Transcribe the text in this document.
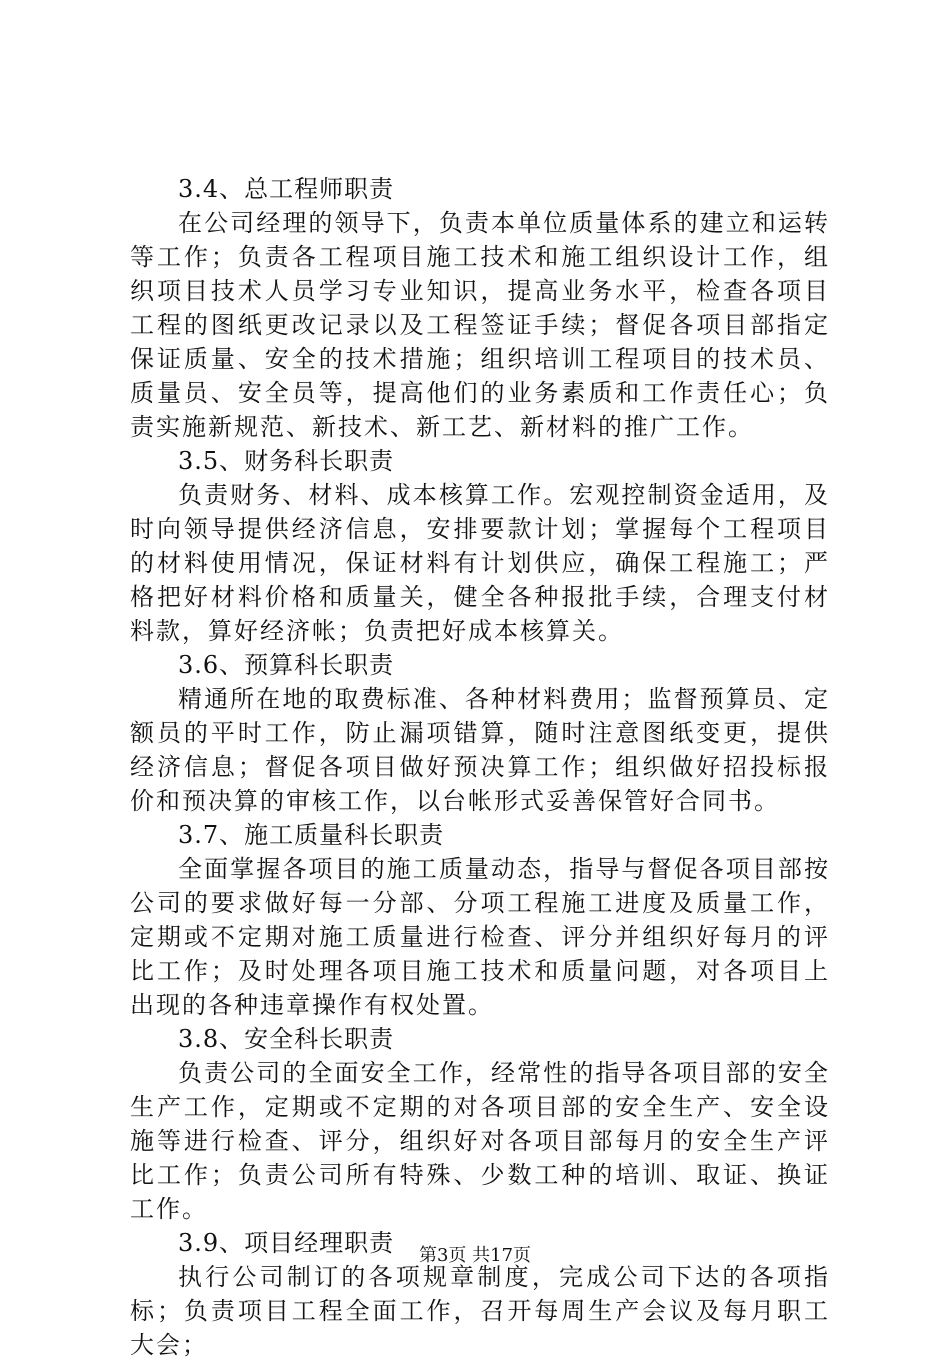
3.4、总工程师职责

在公司经理的领导下，负责本单位质量体系的建立和运转等工作；负责各工程项目施工技术和施工组织设计工作，组织项目技术人员学习专业知识，提高业务水平，检查各项目工程的图纸更改记录以及工程签证手续；督促各项目部指定保证质量、安全的技术措施；组织培训工程项目的技术员、质量员、安全员等，提高他们的业务素质和工作责任心；负责实施新规范、新技术、新工艺、新材料的推广工作。

3.5、财务科长职责

负责财务、材料、成本核算工作。宏观控制资金适用，及时向领导提供经济信息，安排要款计划；掌握每个工程项目的材料使用情况，保证材料有计划供应，确保工程施工；严格把好材料价格和质量关，健全各种报批手续，合理支付材料款，算好经济帐；负责把好成本核算关。

3.6、预算科长职责

精通所在地的取费标准、各种材料费用；监督预算员、定额员的平时工作，防止漏项错算，随时注意图纸变更，提供经济信息；督促各项目做好预决算工作；组织做好招投标报价和预决算的审核工作，以台帐形式妥善保管好合同书。

3.7、施工质量科长职责

全面掌握各项目的施工质量动态，指导与督促各项目部按公司的要求做好每一分部、分项工程施工进度及质量工作，定期或不定期对施工质量进行检查、评分并组织好每月的评比工作；及时处理各项目施工技术和质量问题，对各项目上出现的各种违章操作有权处置。

3.8、安全科长职责

负责公司的全面安全工作，经常性的指导各项目部的安全生产工作，定期或不定期的对各项目部的安全生产、安全设施等进行检查、评分，组织好对各项目部每月的安全生产评比工作；负责公司所有特殊、少数工种的培训、取证、换证工作。

3.9、项目经理职责

执行公司制订的各项规章制度，完成公司下达的各项指标；负责项目工程全面工作，召开每周生产会议及每月职工大会；

第3页 共17页
